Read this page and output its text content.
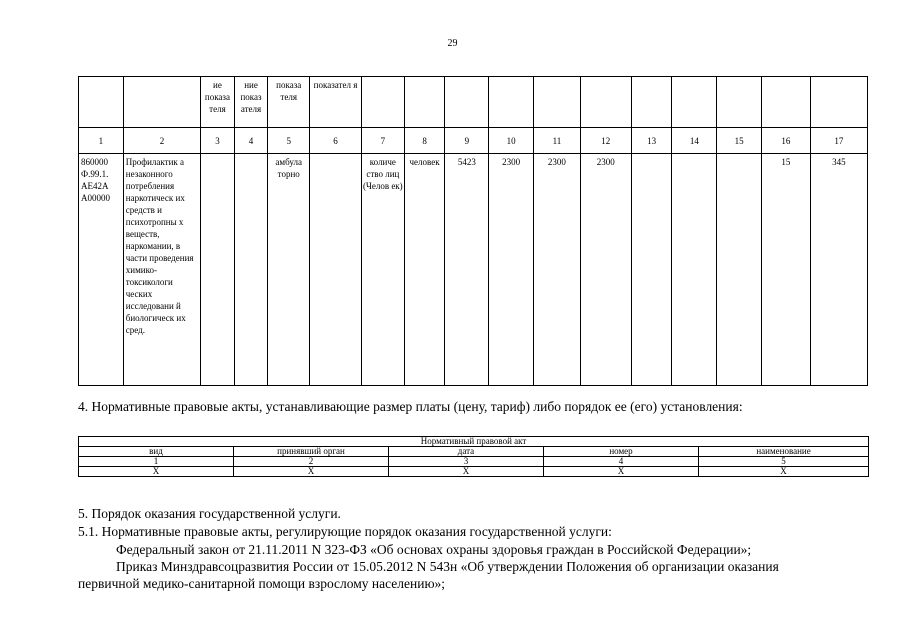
29
		ие показа теля	ние показ ателя	показа теля	показател я											
1	2	3	4	5	6	7	8	9	10	11	12	13	14	15	16	17
860000 Ф.99.1. АЕ42А А00000	Профилактик а незаконного потребления наркотическ их средств и психотропны х веществ, наркомании, в части проведения химико- токсикологи ческих исследовани й биологическ их сред.			амбула торно		количе ство лиц (Челов ек)	человек	5423	2300	2300	2300				15	345
4. Нормативные правовые акты, устанавливающие размер платы (цену, тариф) либо порядок ее (его) установления:
Нормативный правовой акт				
вид	принявший орган	дата	номер	наименование
1	2	3	4	5
Х	Х	Х	Х	Х
5. Порядок оказания государственной услуги.
5.1. Нормативные правовые акты, регулирующие порядок оказания государственной услуги:
Федеральный закон от 21.11.2011 N 323-ФЗ «Об основах охраны здоровья граждан в Российской Федерации»;
Приказ Минздравсоцразвития России от 15.05.2012 N 543н «Об утверждении Положения об организации оказания
первичной медико-санитарной помощи взрослому населению»;
